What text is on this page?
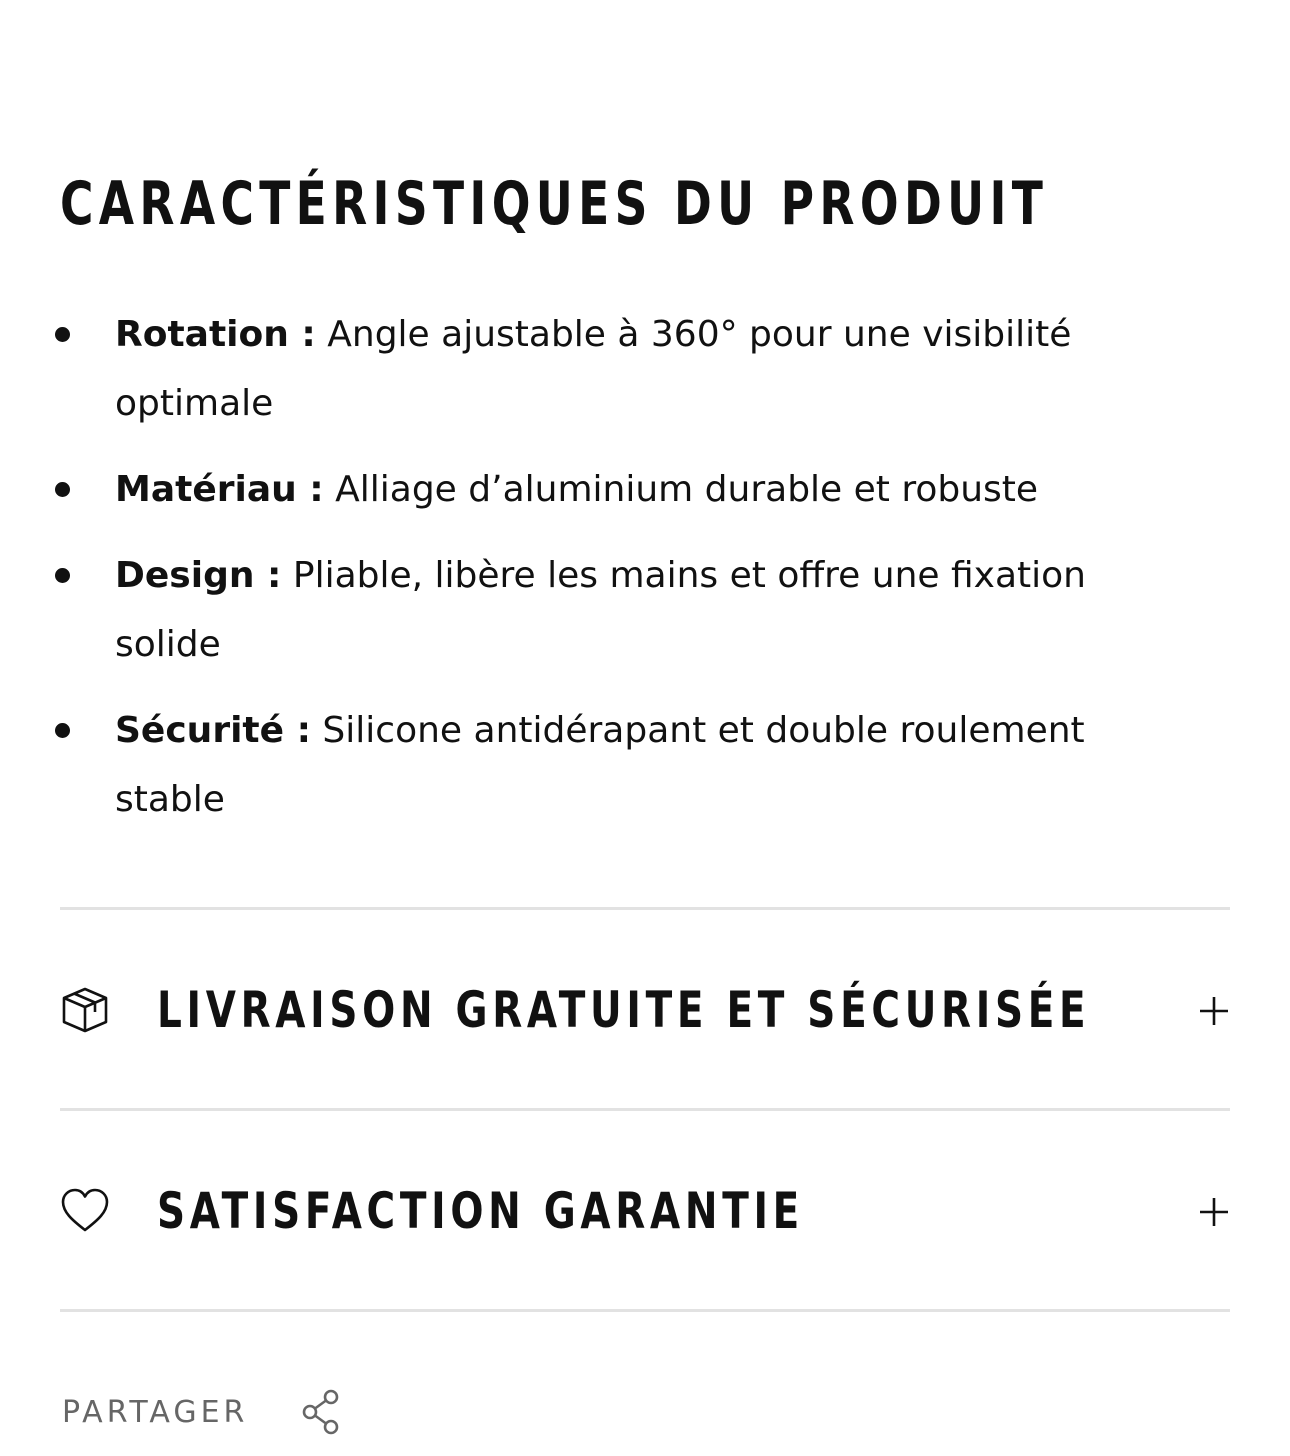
CARACTÉRISTIQUES DU PRODUIT
Rotation : Angle ajustable à 360° pour une visibilité optimale
Matériau : Alliage d’aluminium durable et robuste
Design : Pliable, libère les mains et offre une fixation solide
Sécurité : Silicone antidérapant et double roulement stable
LIVRAISON GRATUITE ET SÉCURISÉE
SATISFACTION GARANTIE
PARTAGER
